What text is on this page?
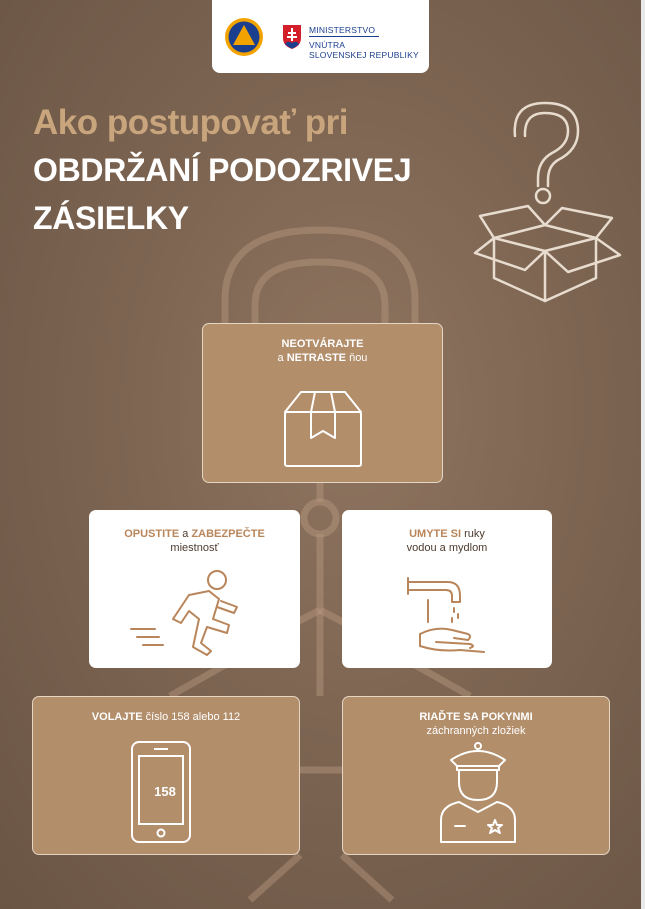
MINISTERSTVO
VNÚTRA
SLOVENSKEJ REPUBLIKY
Ako postupovať pri
OBDRŽANÍ PODOZRIVEJ
ZÁSIELKY
NEOTVÁRAJTE
a NETRASTE ňou
OPUSTITE a ZABEZPEČTE
miestnosť
UMYTE SI ruky
vodou a mydlom
VOLAJTE číslo 158 alebo 112
158
RIAĎTE SA POKYNMI
záchranných zložiek
